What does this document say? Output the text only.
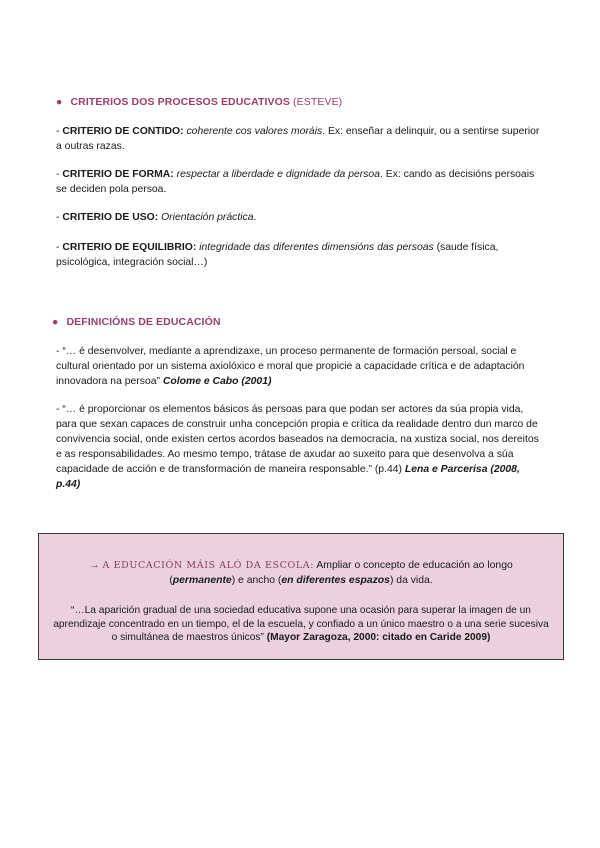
● CRITERIOS DOS PROCESOS EDUCATIVOS (ESTEVE)
- CRITERIO DE CONTIDO: coherente cos valores moráis. Ex: enseñar a delinquir, ou a sentirse superior a outras razas.
- CRITERIO DE FORMA: respectar a liberdade e dignidade da persoa. Ex: cando as decisións persoais se deciden pola persoa.
- CRITERIO DE USO: Orientación práctica.
- CRITERIO DE EQUILIBRIO: integridade das diferentes dimensións das persoas (saude física, psicológica, integración social…)
● DEFINICIÓNS DE EDUCACIÓN
- “… é desenvolver, mediante a aprendizaxe, un proceso permanente de formación persoal, social e cultural orientado por un sistema axiolóxico e moral que propicie a capacidade crítica e de adaptación innovadora na persoa” Colome e Cabo (2001)
- “… é proporcionar os elementos básicos ás persoas para que podan ser actores da súa propia vida, para que sexan capaces de construir unha concepción propia e crítica da realidade dentro dun marco de convivencia social, onde existen certos acordos baseados na democracia, na xustiza social, nos dereitos e as responsabilidades. Ao mesmo tempo, trátase de axudar ao suxeito para que desenvolva a súa capacidade de acción e de transformación de maneira responsable.” (p.44) Lena e Parcerisa (2008, p.44)
→ A EDUCACIÓN MÁIS ALÓ DA ESCOLA: Ampliar o concepto de educación ao longo (permanente) e ancho (en diferentes espazos) da vida.
“…La aparición gradual de una sociedad educativa supone una ocasión para superar la imagen de un aprendizaje concentrado en un tiempo, el de la escuela, y confiado a un único maestro o a una serie sucesiva o simultánea de maestros únicos” (Mayor Zaragoza, 2000: citado en Caride 2009)
